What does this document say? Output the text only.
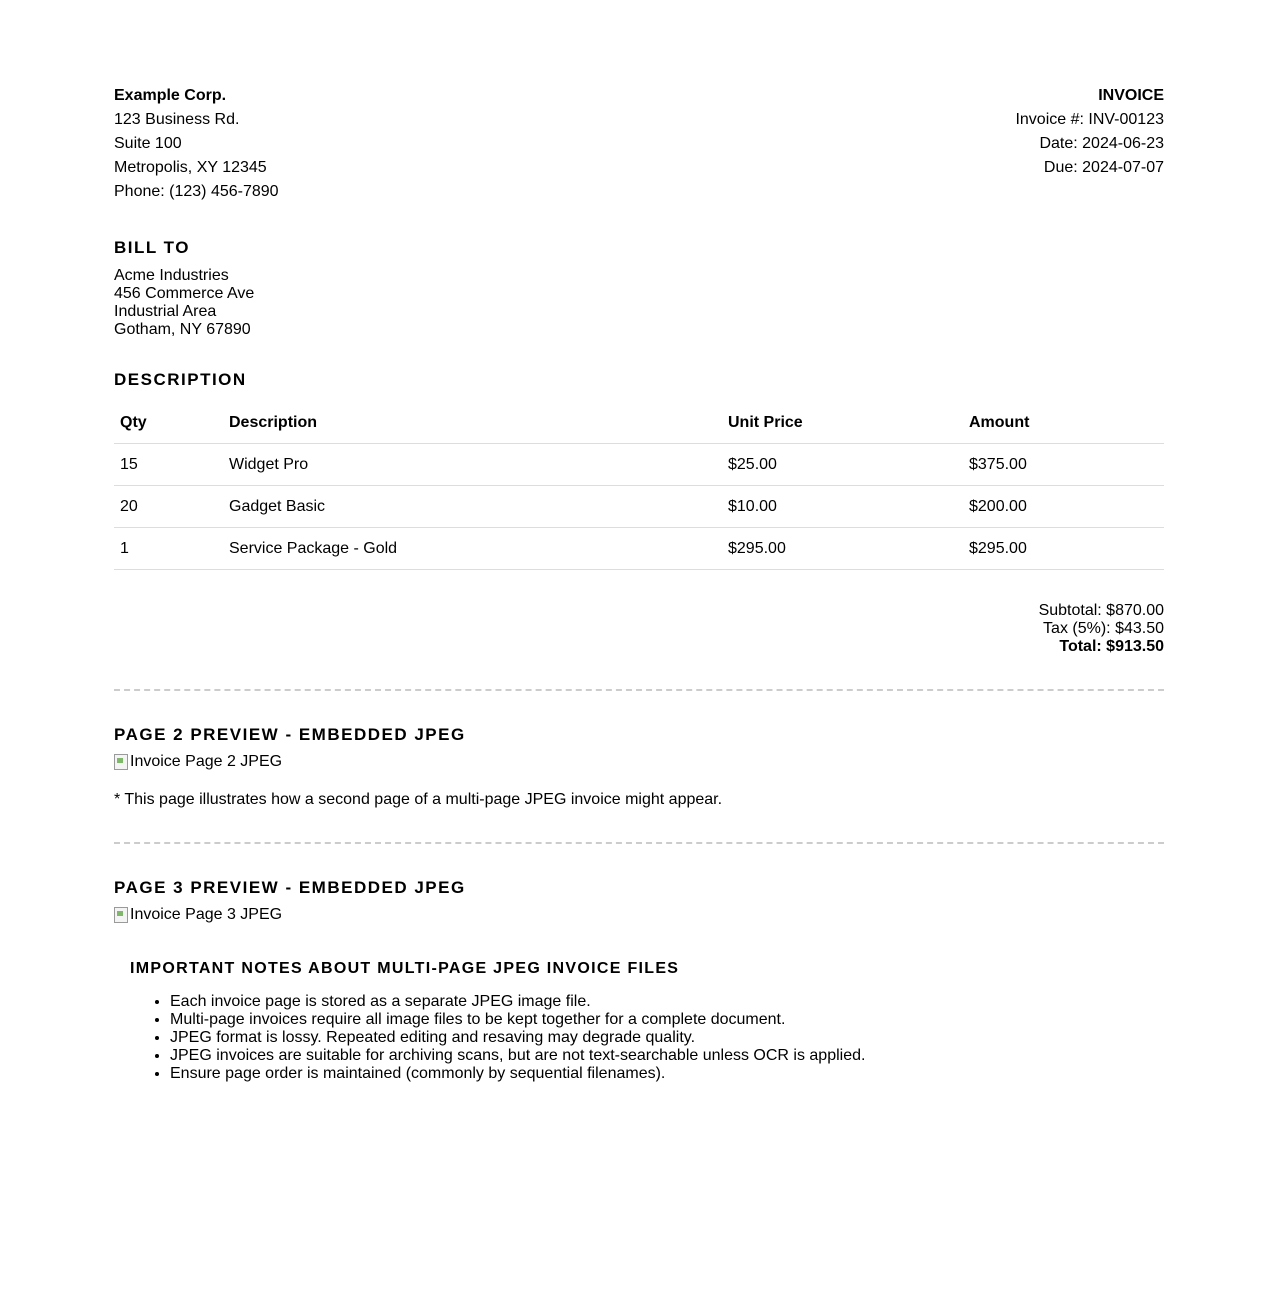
Example Corp.
123 Business Rd.
Suite 100
Metropolis, XY 12345
Phone: (123) 456-7890
INVOICE
Invoice #: INV-00123
Date: 2024-06-23
Due: 2024-07-07
BILL TO
Acme Industries
456 Commerce Ave
Industrial Area
Gotham, NY 67890
DESCRIPTION
Qty	Description	Unit Price	Amount
15	Widget Pro	$25.00	$375.00
20	Gadget Basic	$10.00	$200.00
1	Service Package - Gold	$295.00	$295.00
Subtotal: $870.00
Tax (5%): $43.50
Total: $913.50
PAGE 2 PREVIEW - EMBEDDED JPEG
Invoice Page 2 JPEG
* This page illustrates how a second page of a multi-page JPEG invoice might appear.
PAGE 3 PREVIEW - EMBEDDED JPEG
Invoice Page 3 JPEG
IMPORTANT NOTES ABOUT MULTI-PAGE JPEG INVOICE FILES
• Each invoice page is stored as a separate JPEG image file.
• Multi-page invoices require all image files to be kept together for a complete document.
• JPEG format is lossy. Repeated editing and resaving may degrade quality.
• JPEG invoices are suitable for archiving scans, but are not text-searchable unless OCR is applied.
• Ensure page order is maintained (commonly by sequential filenames).
